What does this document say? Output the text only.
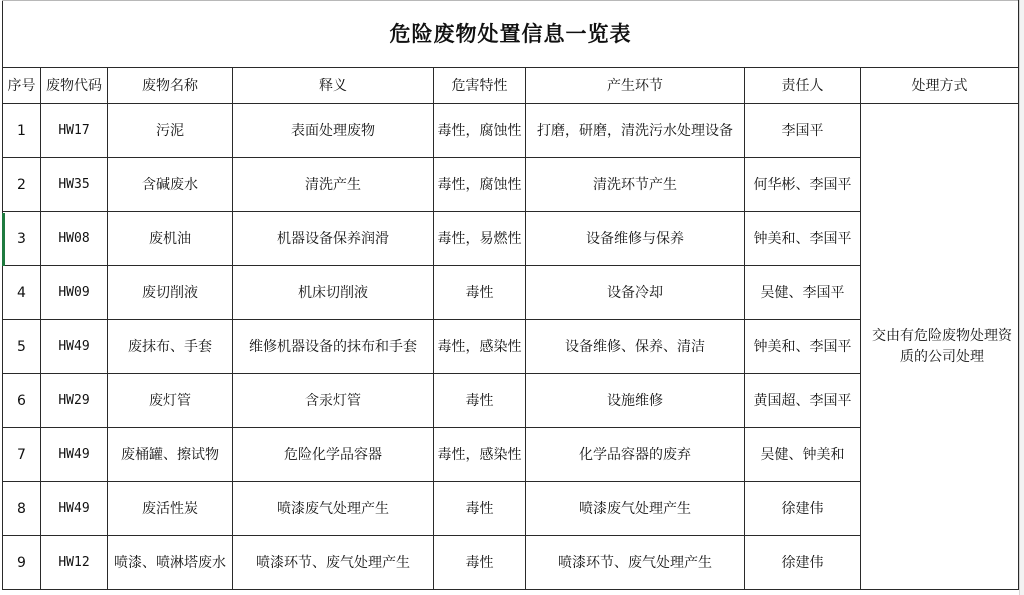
危险废物处置信息一览表							
序号	废物代码	废物名称	释义	危害特性	产生环节	责任人	处理方式
1	HW17	污泥	表面处理废物	毒性，腐蚀性	打磨，研磨，清洗污水处理设备	李国平	交由有危险废物处理资质的公司处理
2	HW35	含碱废水	清洗产生	毒性，腐蚀性	清洗环节产生	何华彬、李国平	
3	HW08	废机油	机器设备保养润滑	毒性，易燃性	设备维修与保养	钟美和、李国平	
4	HW09	废切削液	机床切削液	毒性	设备冷却	吴健、李国平	
5	HW49	废抹布、手套	维修机器设备的抹布和手套	毒性，感染性	设备维修、保养、清洁	钟美和、李国平	
6	HW29	废灯管	含汞灯管	毒性	设施维修	黄国超、李国平	
7	HW49	废桶罐、擦试物	危险化学品容器	毒性，感染性	化学品容器的废弃	吴健、钟美和	
8	HW49	废活性炭	喷漆废气处理产生	毒性	喷漆废气处理产生	徐建伟	
9	HW12	喷漆、喷淋塔废水	喷漆环节、废气处理产生	毒性	喷漆环节、废气处理产生	徐建伟	
